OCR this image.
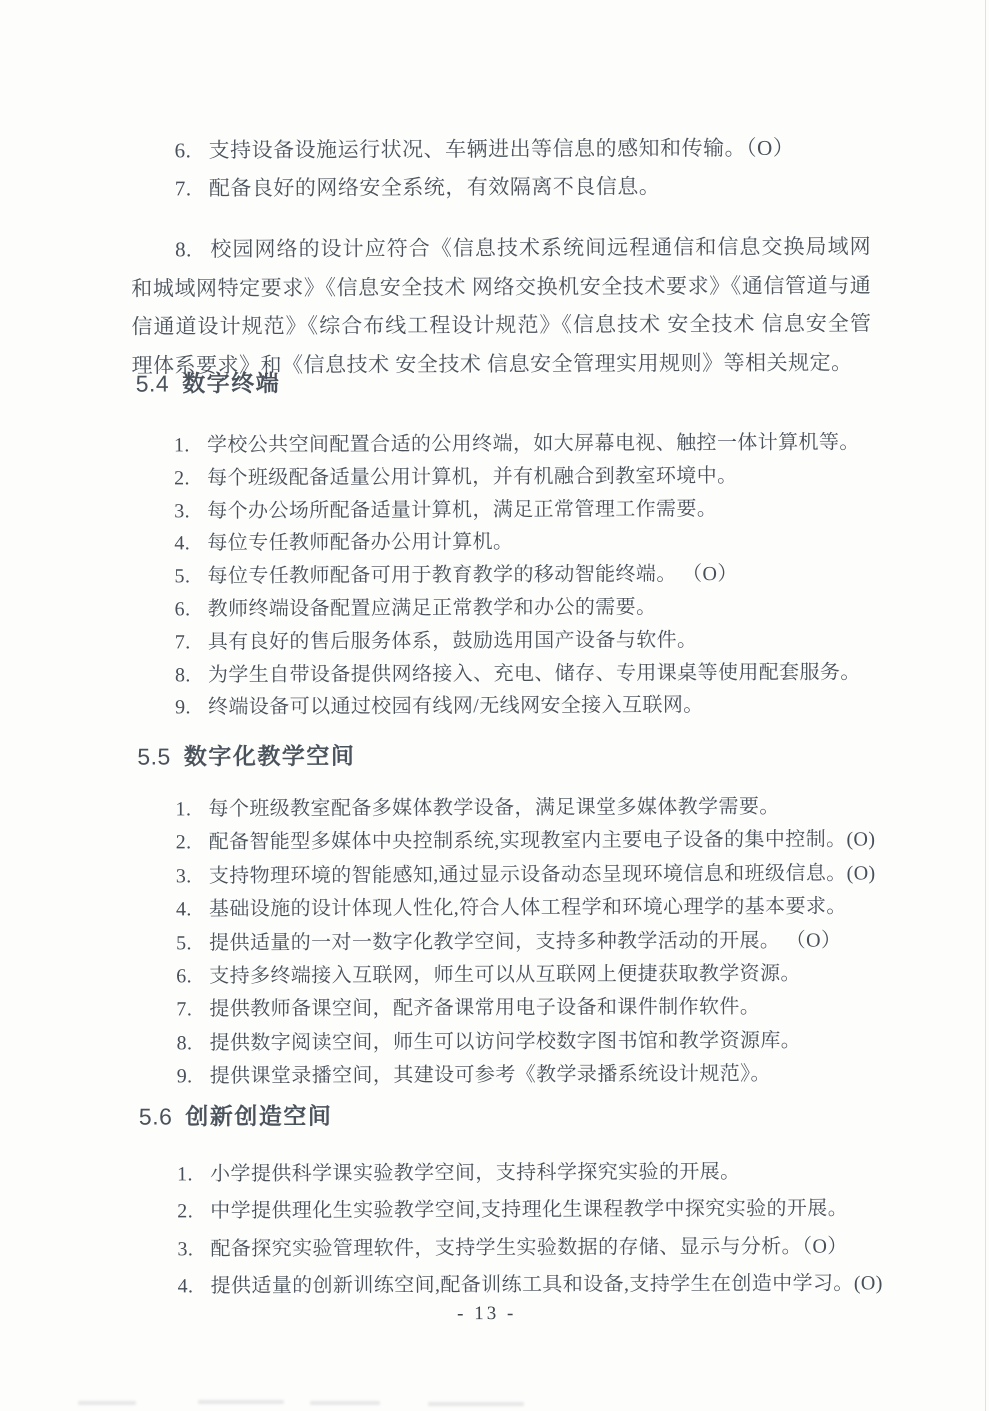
6. 支持设备设施运行状况、车辆进出等信息的感知和传输。（O）
7. 配备良好的网络安全系统，有效隔离不良信息。

8. 校园网络的设计应符合《信息技术系统间远程通信和信息交换局域网和城域网特定要求》《信息安全技术 网络交换机安全技术要求》《通信管道与通信通道设计规范》《综合布线工程设计规范》《信息技术 安全技术 信息安全管理体系要求》和《信息技术 安全技术 信息安全管理实用规则》等相关规定。

5.4 数字终端
1. 学校公共空间配置合适的公用终端，如大屏幕电视、触控一体计算机等。
2. 每个班级配备适量公用计算机，并有机融合到教室环境中。
3. 每个办公场所配备适量计算机，满足正常管理工作需要。
4. 每位专任教师配备办公用计算机。
5. 每位专任教师配备可用于教育教学的移动智能终端。 （O）
6. 教师终端设备配置应满足正常教学和办公的需要。
7. 具有良好的售后服务体系，鼓励选用国产设备与软件。
8. 为学生自带设备提供网络接入、充电、储存、专用课桌等使用配套服务。
9. 终端设备可以通过校园有线网/无线网安全接入互联网。
5.5 数字化教学空间
1. 每个班级教室配备多媒体教学设备，满足课堂多媒体教学需要。
2. 配备智能型多媒体中央控制系统,实现教室内主要电子设备的集中控制。(O)
3. 支持物理环境的智能感知,通过显示设备动态呈现环境信息和班级信息。(O)
4. 基础设施的设计体现人性化,符合人体工程学和环境心理学的基本要求。
5. 提供适量的一对一数字化教学空间，支持多种教学活动的开展。 （O）
6. 支持多终端接入互联网，师生可以从互联网上便捷获取教学资源。
7. 提供教师备课空间，配齐备课常用电子设备和课件制作软件。
8. 提供数字阅读空间，师生可以访问学校数字图书馆和教学资源库。
9. 提供课堂录播空间，其建设可参考《教学录播系统设计规范》。
5.6 创新创造空间
1. 小学提供科学课实验教学空间，支持科学探究实验的开展。
2. 中学提供理化生实验教学空间,支持理化生课程教学中探究实验的开展。
3. 配备探究实验管理软件，支持学生实验数据的存储、显示与分析。（O）
4. 提供适量的创新训练空间,配备训练工具和设备,支持学生在创造中学习。(O)
- 13 -
